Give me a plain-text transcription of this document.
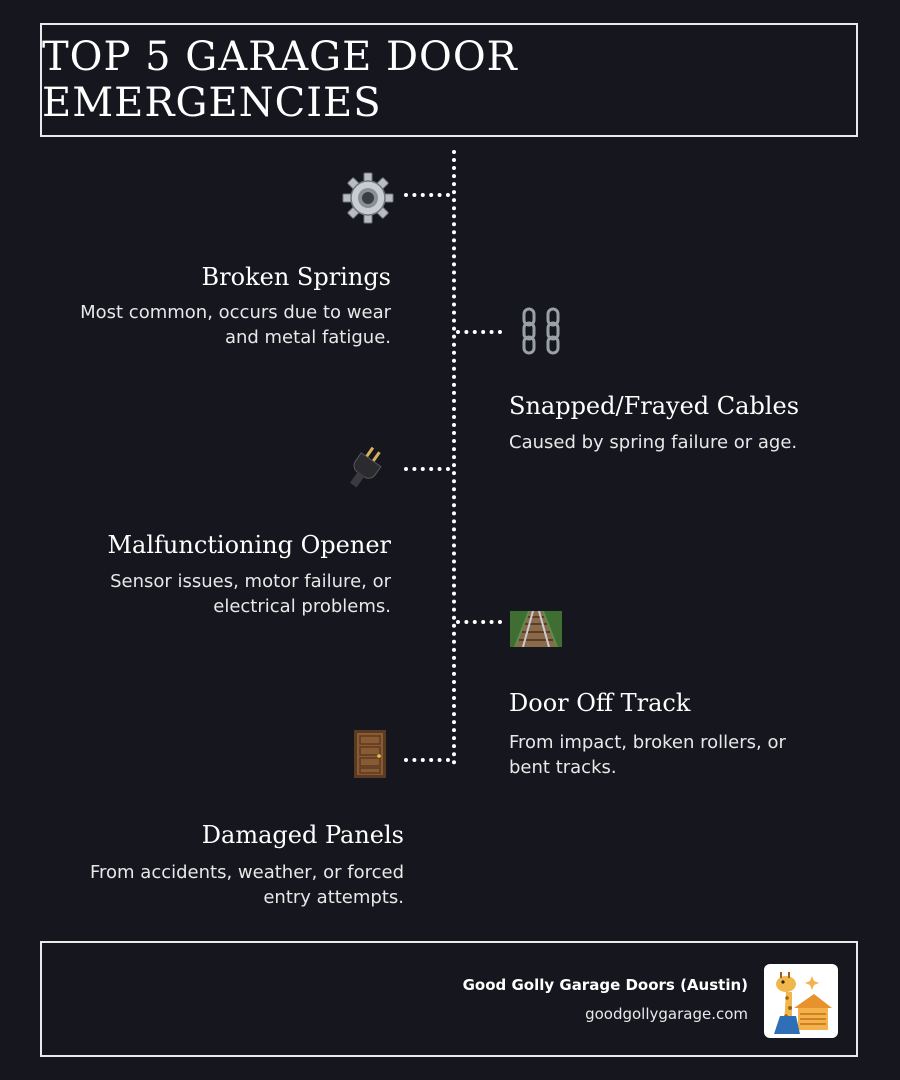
TOP 5 GARAGE DOOR EMERGENCIES
Broken Springs

Most common, occurs due to wear
and metal fatigue.

Snapped/Frayed Cables

Caused by spring failure or age.

Malfunctioning Opener

Sensor issues, motor failure, or
electrical problems.

Door Off Track

From impact, broken rollers, or
bent tracks.

Damaged Panels

From accidents, weather, or forced
entry attempts.

Good Golly Garage Doors (Austin)
goodgollygarage.com
